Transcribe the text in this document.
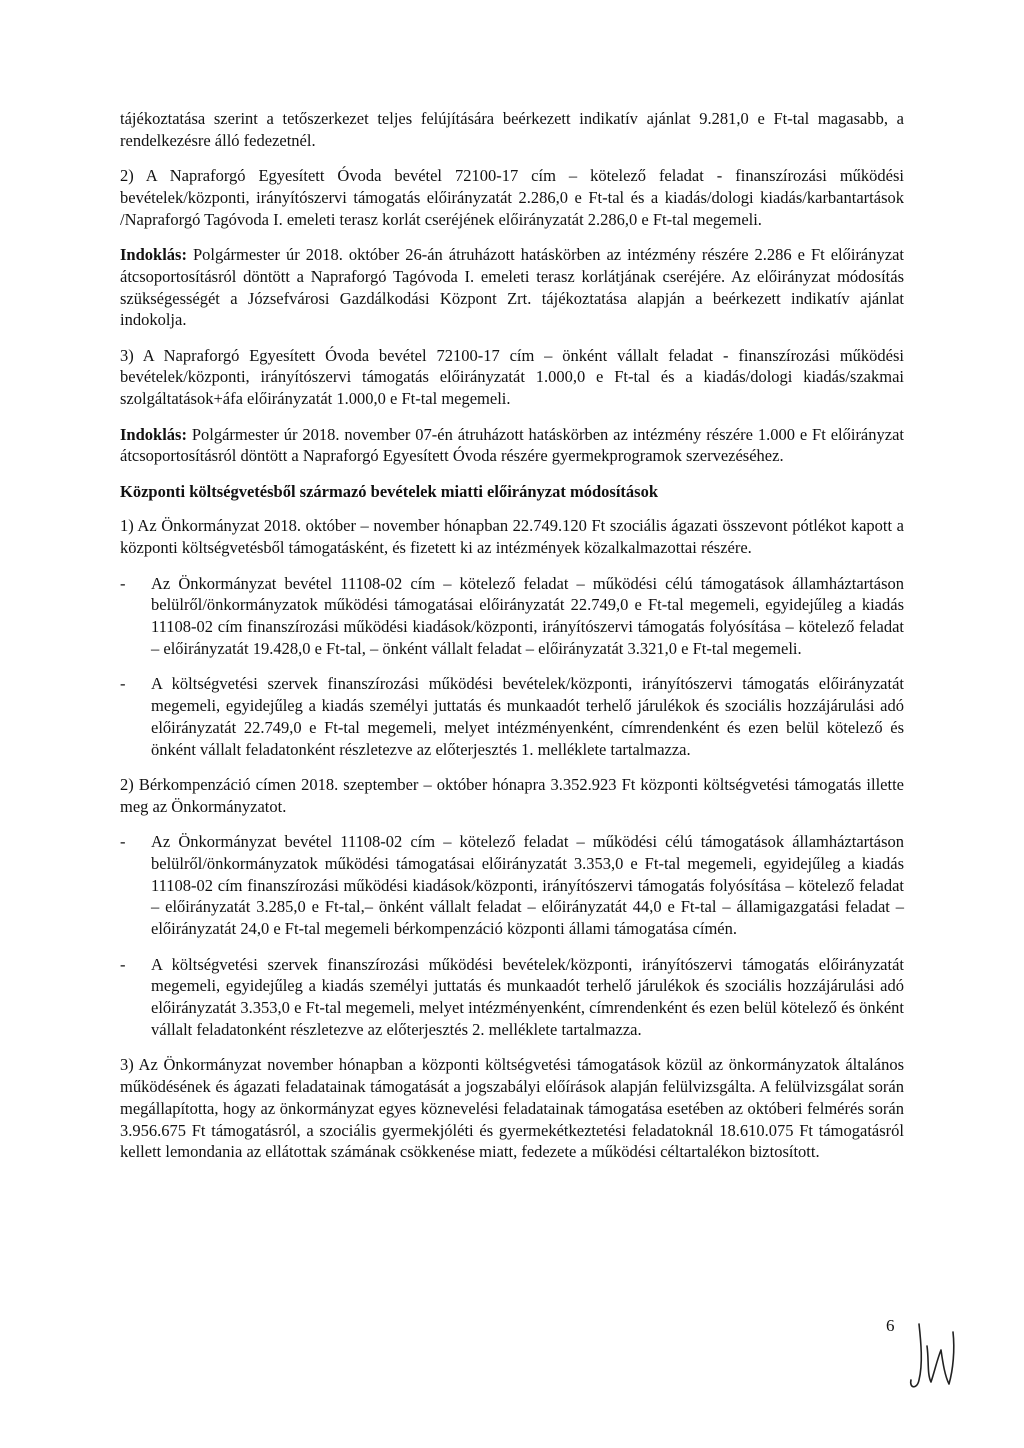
tájékoztatása szerint a tetőszerkezet teljes felújítására beérkezett indikatív ajánlat 9.281,0 e Ft-tal magasabb, a rendelkezésre álló fedezetnél.

2) A Napraforgó Egyesített Óvoda bevétel 72100-17 cím – kötelező feladat - finanszírozási működési bevételek/központi, irányítószervi támogatás előirányzatát 2.286,0 e Ft-tal és a kiadás/dologi kiadás/karbantartások /Napraforgó Tagóvoda I. emeleti terasz korlát cseréjének előirányzatát 2.286,0 e Ft-tal megemeli.

Indoklás: Polgármester úr 2018. október 26-án átruházott hatáskörben az intézmény részére 2.286 e Ft előirányzat átcsoportosításról döntött a Napraforgó Tagóvoda I. emeleti terasz korlátjának cseréjére. Az előirányzat módosítás szükségességét a Józsefvárosi Gazdálkodási Központ Zrt. tájékoztatása alapján a beérkezett indikatív ajánlat indokolja.

3) A Napraforgó Egyesített Óvoda bevétel 72100-17 cím – önként vállalt feladat - finanszírozási működési bevételek/központi, irányítószervi támogatás előirányzatát 1.000,0 e Ft-tal és a kiadás/dologi kiadás/szakmai szolgáltatások+áfa előirányzatát 1.000,0 e Ft-tal megemeli.

Indoklás: Polgármester úr 2018. november 07-én átruházott hatáskörben az intézmény részére 1.000 e Ft előirányzat átcsoportosításról döntött a Napraforgó Egyesített Óvoda részére gyermekprogramok szervezéséhez.

Központi költségvetésből származó bevételek miatti előirányzat módosítások

1) Az Önkormányzat 2018. október – november hónapban 22.749.120 Ft szociális ágazati összevont pótlékot kapott a központi költségvetésből támogatásként, és fizetett ki az intézmények közalkalmazottai részére.

- Az Önkormányzat bevétel 11108-02 cím – kötelező feladat – működési célú támogatások államháztartáson belülről/önkormányzatok működési támogatásai előirányzatát 22.749,0 e Ft-tal megemeli, egyidejűleg a kiadás 11108-02 cím finanszírozási működési kiadások/központi, irányítószervi támogatás folyósítása – kötelező feladat – előirányzatát 19.428,0 e Ft-tal, – önként vállalt feladat – előirányzatát 3.321,0 e Ft-tal megemeli.
- A költségvetési szervek finanszírozási működési bevételek/központi, irányítószervi támogatás előirányzatát megemeli, egyidejűleg a kiadás személyi juttatás és munkaadót terhelő járulékok és szociális hozzájárulási adó előirányzatát 22.749,0 e Ft-tal megemeli, melyet intézményenként, címrendenként és ezen belül kötelező és önként vállalt feladatonként részletezve az előterjesztés 1. melléklete tartalmazza.

2) Bérkompenzáció címen 2018. szeptember – október hónapra 3.352.923 Ft központi költségvetési támogatás illette meg az Önkormányzatot.

- Az Önkormányzat bevétel 11108-02 cím – kötelező feladat – működési célú támogatások államháztartáson belülről/önkormányzatok működési támogatásai előirányzatát 3.353,0 e Ft-tal megemeli, egyidejűleg a kiadás 11108-02 cím finanszírozási működési kiadások/központi, irányítószervi támogatás folyósítása – kötelező feladat – előirányzatát 3.285,0 e Ft-tal,– önként vállalt feladat – előirányzatát 44,0 e Ft-tal – államigazgatási feladat – előirányzatát 24,0 e Ft-tal megemeli bérkompenzáció központi állami támogatása címén.
- A költségvetési szervek finanszírozási működési bevételek/központi, irányítószervi támogatás előirányzatát megemeli, egyidejűleg a kiadás személyi juttatás és munkaadót terhelő járulékok és szociális hozzájárulási adó előirányzatát 3.353,0 e Ft-tal megemeli, melyet intézményenként, címrendenként és ezen belül kötelező és önként vállalt feladatonként részletezve az előterjesztés 2. melléklete tartalmazza.

3) Az Önkormányzat november hónapban a központi költségvetési támogatások közül az önkormányzatok általános működésének és ágazati feladatainak támogatását a jogszabályi előírások alapján felülvizsgálta. A felülvizsgálat során megállapította, hogy az önkormányzat egyes köznevelési feladatainak támogatása esetében az októberi felmérés során 3.956.675 Ft támogatásról, a szociális gyermekjóléti és gyermekétkeztetési feladatoknál 18.610.075 Ft támogatásról kellett lemondania az ellátottak számának csökkenése miatt, fedezete a működési céltartalékon biztosított.

6
